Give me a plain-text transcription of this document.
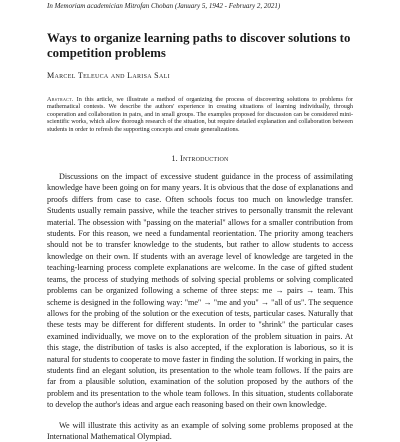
In Memoriam academician Mitrofan Choban (January 5, 1942 - February 2, 2021)
Ways to organize learning paths to discover solutions to competition problems
Marcel Teleuca and Larisa Sali
Abstract. In this article, we illustrate a method of organizing the process of discovering solutions to problems for mathematical contests. We describe the authors' experience in creating situations of learning individually, through cooperation and collaboration in pairs, and in small groups. The examples proposed for discussion can be considered mini-scientific works, which allow thorough research of the situation, but require detailed explanation and collaboration between students in order to refresh the supporting concepts and create generalizations.
1. Introduction

Discussions on the impact of excessive student guidance in the process of assimilating knowledge have been going on for many years. It is obvious that the dose of explanations and proofs differs from case to case. Often schools focus too much on knowledge transfer. Students usually remain passive, while the teacher strives to personally transmit the relevant material. The obsession with "passing on the material" allows for a smaller contribution from students. For this reason, we need a fundamental reorientation. The priority among teachers should not be to transfer knowledge to the students, but rather to allow students to access knowledge on their own. If students with an average level of knowledge are targeted in the teaching-learning process complete explanations are welcome. In the case of gifted student teams, the process of studying methods of solving special problems or solving complicated problems can be organized following a scheme of three steps: me → pairs → team. This scheme is designed in the following way: "me" → "me and you" → "all of us". The sequence allows for the probing of the solution or the execution of tests, particular cases. Naturally that these tests may be different for different students. In order to "shrink" the particular cases examined individually, we move on to the exploration of the problem situation in pairs. At this stage, the distribution of tasks is also accepted, if the exploration is laborious, so it is natural for students to cooperate to move faster in finding the solution. If working in pairs, the students find an elegant solution, its presentation to the whole team follows. If the pairs are far from a plausible solution, examination of the solution proposed by the authors of the problem and its presentation to the whole team follows. In this situation, students collaborate to develop the author's ideas and argue each reasoning based on their own knowledge.

We will illustrate this activity as an example of solving some problems proposed at the International Mathematical Olympiad.
